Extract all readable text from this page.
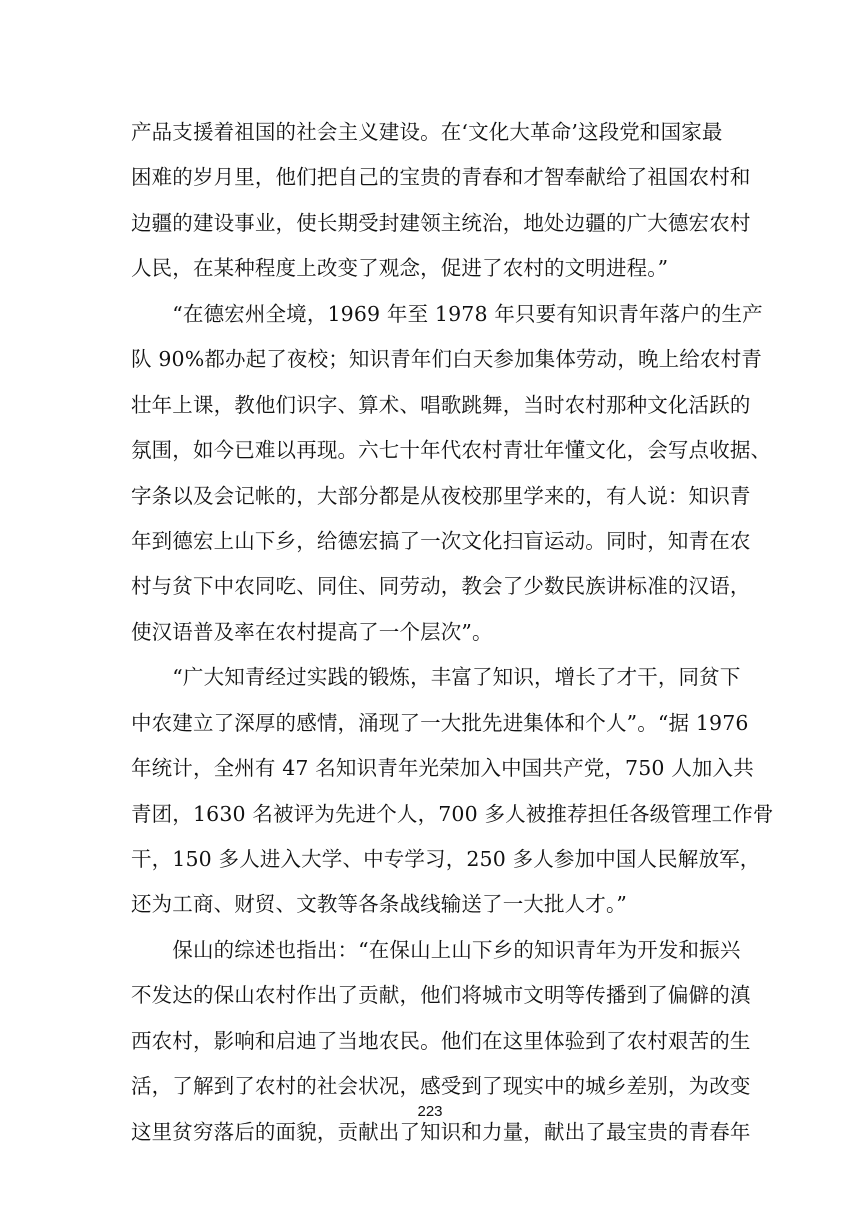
产品支援着祖国的社会主义建设。在‘文化大革命’这段党和国家最
困难的岁月里，他们把自己的宝贵的青春和才智奉献给了祖国农村和
边疆的建设事业，使长期受封建领主统治，地处边疆的广大德宏农村
人民，在某种程度上改变了观念，促进了农村的文明进程。”
　　“在德宏州全境，1969 年至 1978 年只要有知识青年落户的生产
队 90%都办起了夜校；知识青年们白天参加集体劳动，晚上给农村青
壮年上课，教他们识字、算术、唱歌跳舞，当时农村那种文化活跃的
氛围，如今已难以再现。六七十年代农村青壮年懂文化，会写点收据、
字条以及会记帐的，大部分都是从夜校那里学来的，有人说：知识青
年到德宏上山下乡，给德宏搞了一次文化扫盲运动。同时，知青在农
村与贫下中农同吃、同住、同劳动，教会了少数民族讲标准的汉语，
使汉语普及率在农村提高了一个层次”。
　　“广大知青经过实践的锻炼，丰富了知识，增长了才干，同贫下
中农建立了深厚的感情，涌现了一大批先进集体和个人”。“据 1976
年统计，全州有 47 名知识青年光荣加入中国共产党，750 人加入共
青团，1630 名被评为先进个人，700 多人被推荐担任各级管理工作骨
干，150 多人进入大学、中专学习，250 多人参加中国人民解放军，
还为工商、财贸、文教等各条战线输送了一大批人才。”
　　保山的综述也指出：“在保山上山下乡的知识青年为开发和振兴
不发达的保山农村作出了贡献，他们将城市文明等传播到了偏僻的滇
西农村，影响和启迪了当地农民。他们在这里体验到了农村艰苦的生
活，了解到了农村的社会状况，感受到了现实中的城乡差别，为改变
这里贫穷落后的面貌，贡献出了知识和力量，献出了最宝贵的青春年
223
